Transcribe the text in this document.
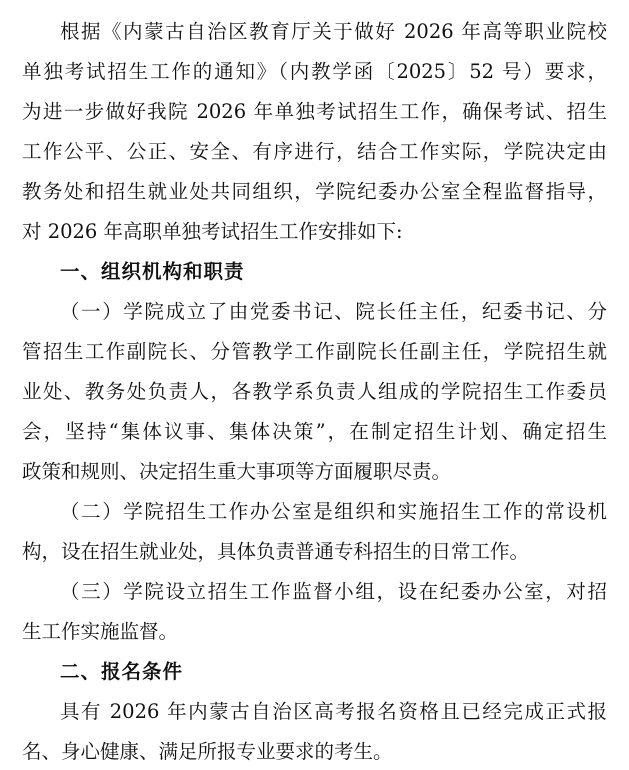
根据《内蒙古自治区教育厅关于做好 2026 年高等职业院校
单独考试招生工作的通知》（内教学函〔2025〕52 号）要求，
为进一步做好我院 2026 年单独考试招生工作，确保考试、招生
工作公平、公正、安全、有序进行，结合工作实际，学院决定由
教务处和招生就业处共同组织，学院纪委办公室全程监督指导，
对 2026 年高职单独考试招生工作安排如下:
一、组织机构和职责
（一）学院成立了由党委书记、院长任主任，纪委书记、分
管招生工作副院长、分管教学工作副院长任副主任，学院招生就
业处、教务处负责人，各教学系负责人组成的学院招生工作委员
会，坚持“集体议事、集体决策”，在制定招生计划、确定招生
政策和规则、决定招生重大事项等方面履职尽责。
（二）学院招生工作办公室是组织和实施招生工作的常设机
构，设在招生就业处，具体负责普通专科招生的日常工作。
（三）学院设立招生工作监督小组，设在纪委办公室，对招
生工作实施监督。
二、报名条件
具有 2026 年内蒙古自治区高考报名资格且已经完成正式报
名、身心健康、满足所报专业要求的考生。
